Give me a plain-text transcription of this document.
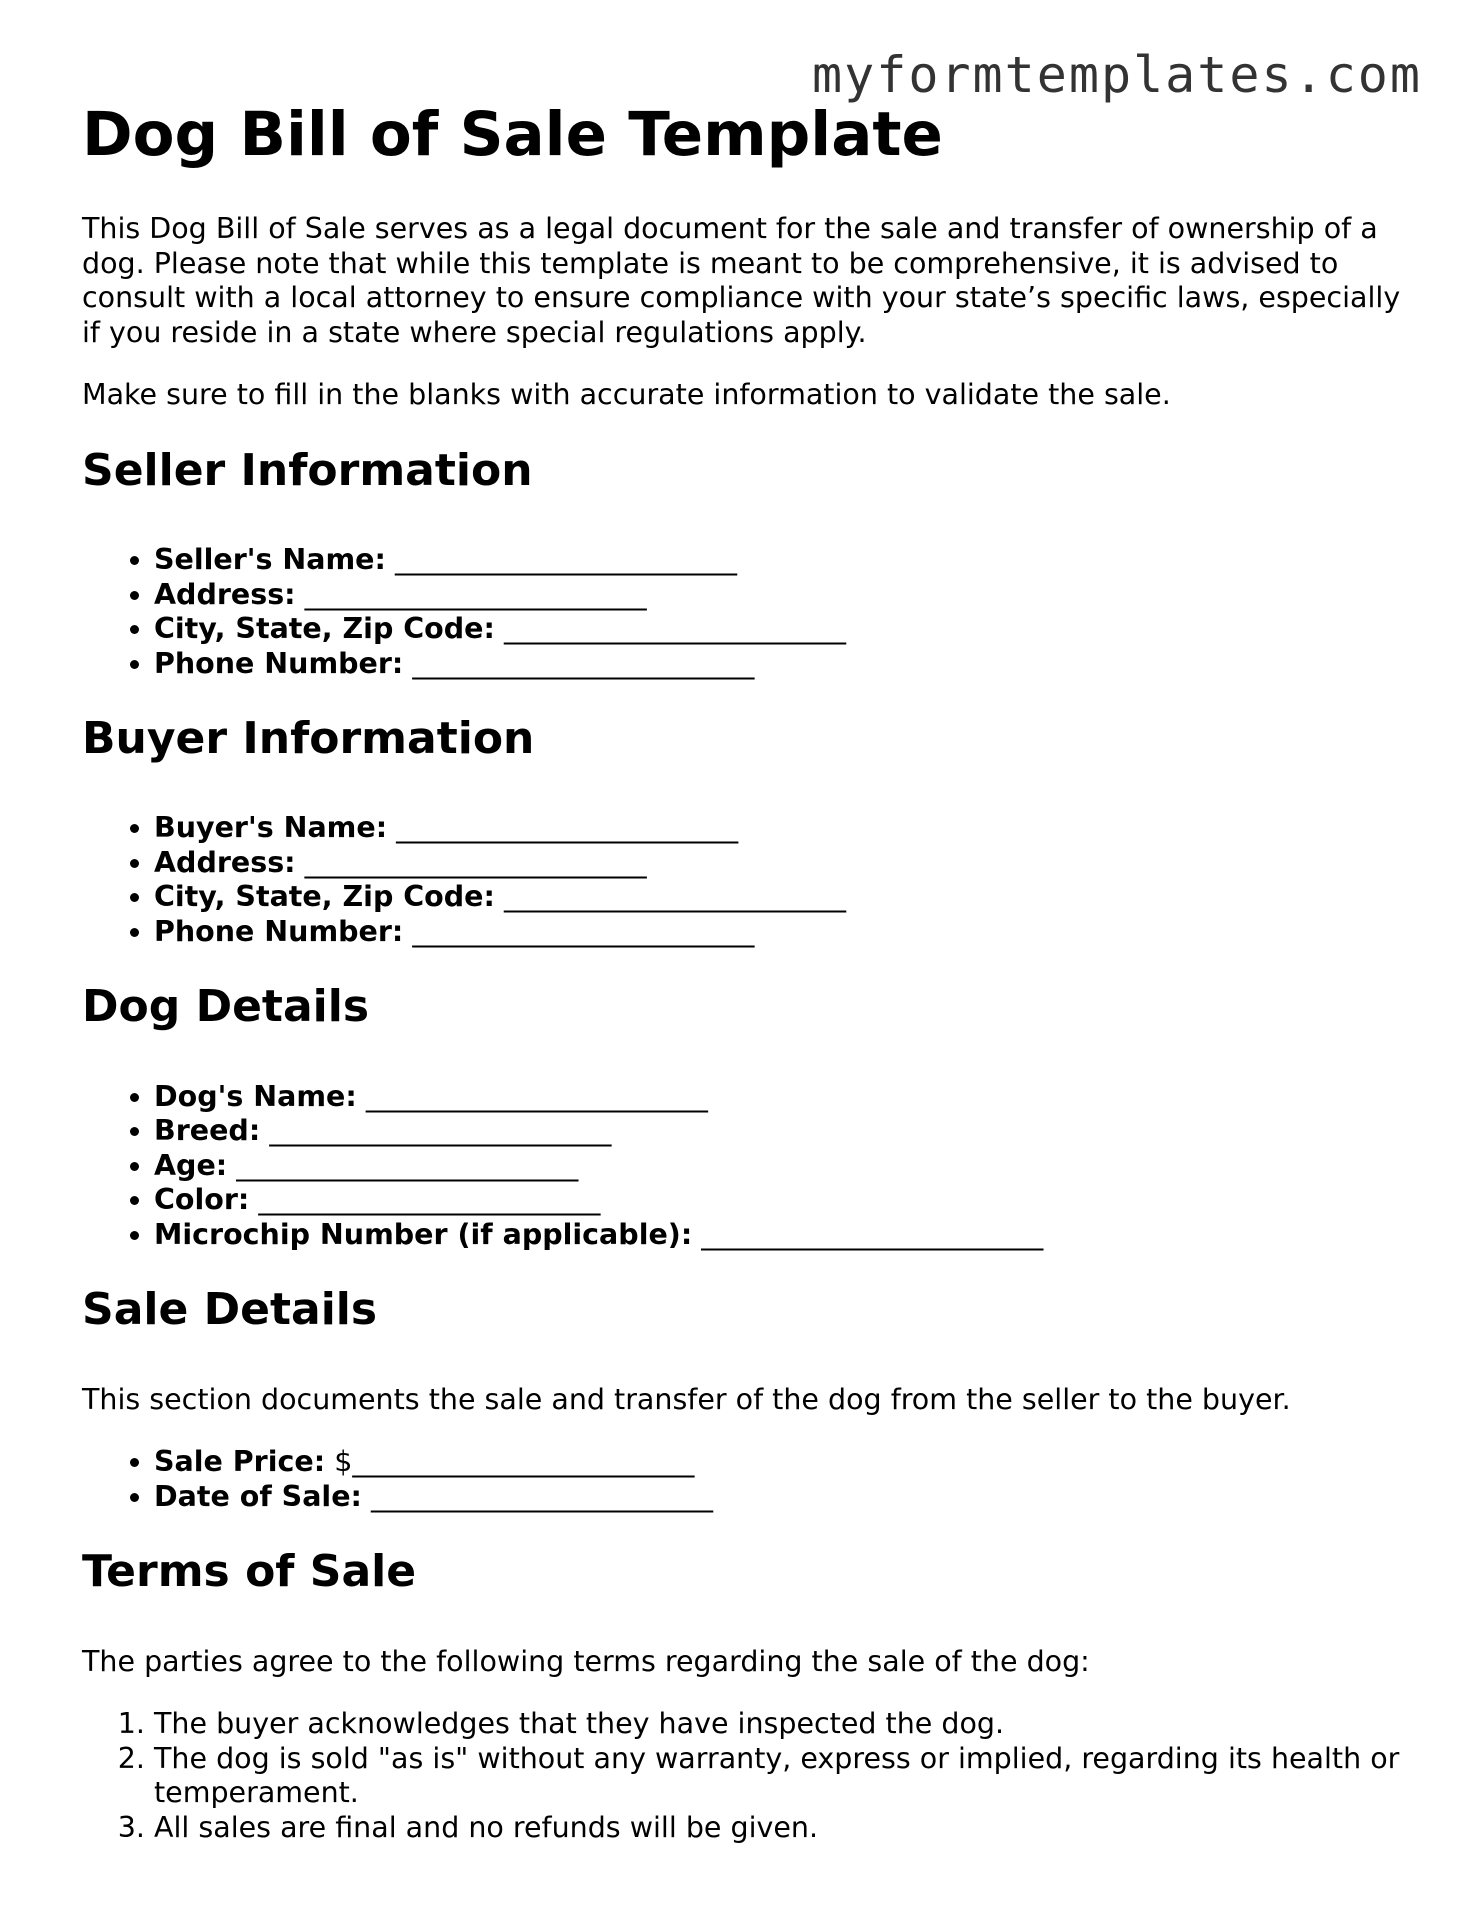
myformtemplates.com
Dog Bill of Sale Template

This Dog Bill of Sale serves as a legal document for the sale and transfer of ownership of a dog. Please note that while this template is meant to be comprehensive, it is advised to consult with a local attorney to ensure compliance with your state’s specific laws, especially if you reside in a state where special regulations apply.

Make sure to fill in the blanks with accurate information to validate the sale.

Seller Information
• Seller's Name: ________________________
• Address: ________________________
• City, State, Zip Code: ________________________
• Phone Number: ________________________
Buyer Information
• Buyer's Name: ________________________
• Address: ________________________
• City, State, Zip Code: ________________________
• Phone Number: ________________________
Dog Details
• Dog's Name: ________________________
• Breed: ________________________
• Age: ________________________
• Color: ________________________
• Microchip Number (if applicable): ________________________
Sale Details

This section documents the sale and transfer of the dog from the seller to the buyer.

• Sale Price: $________________________
• Date of Sale: ________________________
Terms of Sale

The parties agree to the following terms regarding the sale of the dog:

1. The buyer acknowledges that they have inspected the dog.
2. The dog is sold "as is" without any warranty, express or implied, regarding its health or temperament.
3. All sales are final and no refunds will be given.
